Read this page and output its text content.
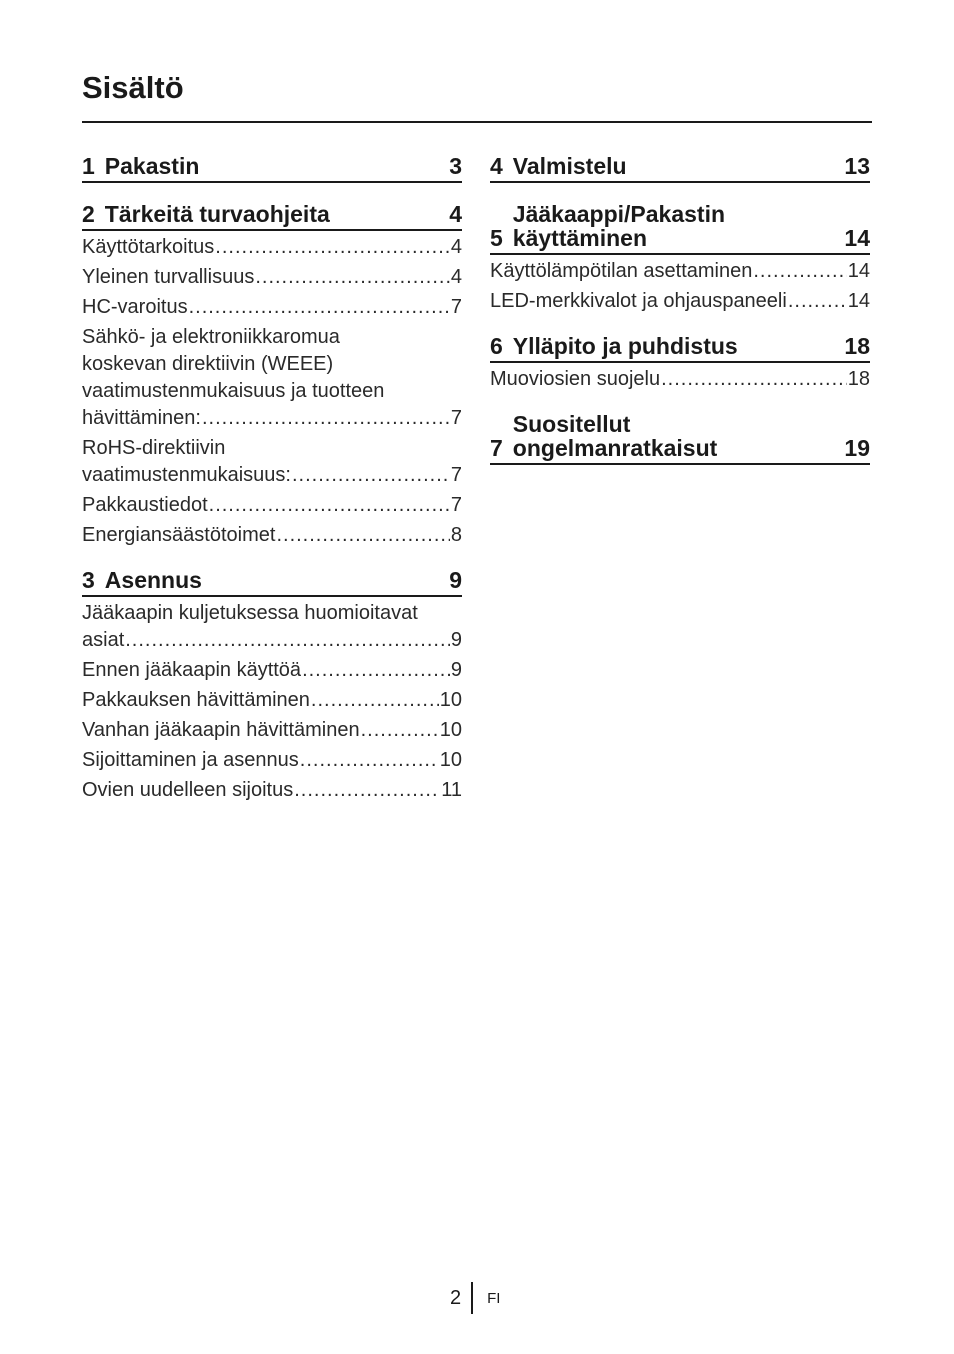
Sisältö
1 Pakastin	3
2 Tärkeitä turvaohjeita	4
Käyttötarkoitus .....	4
Yleinen turvallisuus .....	4
HC-varoitus .....	7
Sähkö- ja elektroniikkaromua
koskevan direktiivin (WEEE)
vaatimustenmukaisuus ja tuotteen
hävittäminen: .....	7
RoHS-direktiivin
vaatimustenmukaisuus: .....	7
Pakkaustiedot .....	7
Energiansäästötoimet .....	8
3 Asennus	9
Jääkaapin kuljetuksessa huomioitavat
asiat .....	9
Ennen jääkaapin käyttöä .....	9
Pakkauksen hävittäminen .....	10
Vanhan jääkaapin hävittäminen .....	10
Sijoittaminen ja asennus .....	10
Ovien uudelleen sijoitus .....	11
4 Valmistelu	13
5
Jääkaappi/Pakastin
käyttäminen	14
Käyttölämpötilan asettaminen .....	14
LED-merkkivalot ja ohjauspaneeli .....	14
6 Ylläpito ja puhdistus	18
Muoviosien suojelu .....	18
7
Suositellut
ongelmanratkaisut	19
2	FI
